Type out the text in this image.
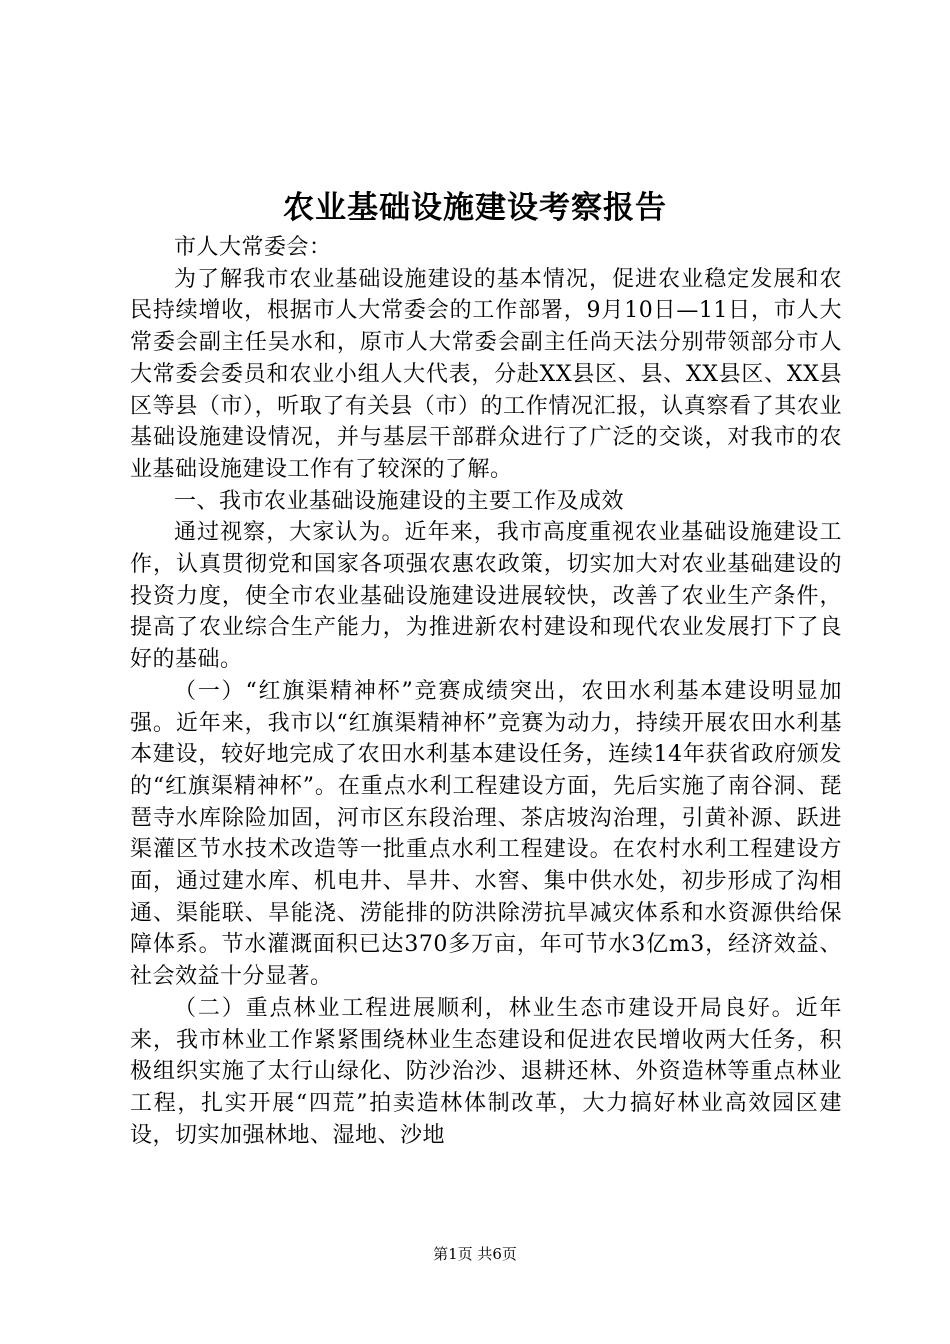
农业基础设施建设考察报告

市人大常委会：

为了解我市农业基础设施建设的基本情况，促进农业稳定发展和农民持续增收，根据市人大常委会的工作部署，9月10日—11日，市人大常委会副主任吴水和，原市人大常委会副主任尚天法分别带领部分市人大常委会委员和农业小组人大代表，分赴XX县区、县、XX县区、XX县区等县（市），听取了有关县（市）的工作情况汇报，认真察看了其农业基础设施建设情况，并与基层干部群众进行了广泛的交谈，对我市的农业基础设施建设工作有了较深的了解。

一、我市农业基础设施建设的主要工作及成效

通过视察，大家认为。近年来，我市高度重视农业基础设施建设工作，认真贯彻党和国家各项强农惠农政策，切实加大对农业基础建设的投资力度，使全市农业基础设施建设进展较快，改善了农业生产条件，提高了农业综合生产能力，为推进新农村建设和现代农业发展打下了良好的基础。

（一）“红旗渠精神杯”竞赛成绩突出，农田水利基本建设明显加强。近年来，我市以“红旗渠精神杯”竞赛为动力，持续开展农田水利基本建设，较好地完成了农田水利基本建设任务，连续14年获省政府颁发的“红旗渠精神杯”。在重点水利工程建设方面，先后实施了南谷洞、琵琶寺水库除险加固，河市区东段治理、茶店坡沟治理，引黄补源、跃进渠灌区节水技术改造等一批重点水利工程建设。在农村水利工程建设方面，通过建水库、机电井、旱井、水窖、集中供水处，初步形成了沟相通、渠能联、旱能浇、涝能排的防洪除涝抗旱减灾体系和水资源供给保障体系。节水灌溉面积已达370多万亩，年可节水3亿m3，经济效益、社会效益十分显著。

（二）重点林业工程进展顺利，林业生态市建设开局良好。近年来，我市林业工作紧紧围绕林业生态建设和促进农民增收两大任务，积极组织实施了太行山绿化、防沙治沙、退耕还林、外资造林等重点林业工程，扎实开展“四荒”拍卖造林体制改革，大力搞好林业高效园区建设，切实加强林地、湿地、沙地

第1页 共6页
